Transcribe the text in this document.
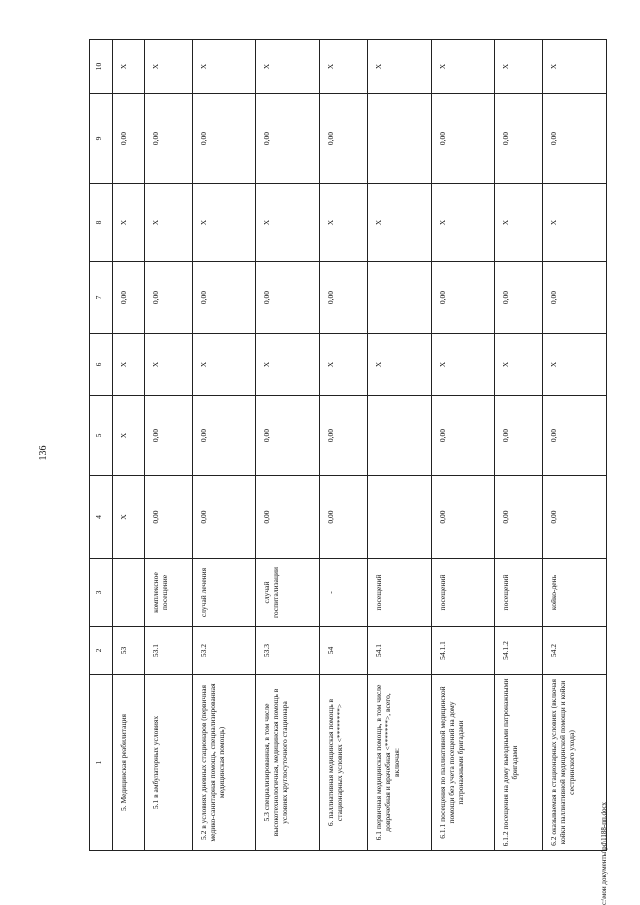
136
1	2	3	4	5	6	7	8	9	10
5. Медицинская реабилитация	53		X	X	X	0,00	X	0,00	X
5.1 в амбулаторных условиях	53.1	комплексное посещение	0,00	0,00	X	0,00	X	0,00	X
5.2 в условиях дневных стационаров (первичная медико-санитарная помощь, специализированная медицинская помощь)	53.2	случай лечения	0,00	0,00	X	0,00	X	0,00	X
5.3 специализированная, в том числе высокотехнологичная, медицинская помощь в условиях круглосуточного стационара	53.3	случай госпитализации	0,00	0,00	X	0,00	X	0,00	X
6. паллиативная медицинская помощь в стационарных условиях <********>	54	-	0,00	0,00	X	0,00	X	0,00	X
6.1 первичная медицинская помощь, в том числе доврачебная и врачебная <*******>, всего, включая:	54.1	посещений			X		X		X
6.1.1 посещения по паллиативной медицинской помощи без учета посещений на дому патронажными бригадами	54.1.1	посещений	0,00	0,00	X	0,00	X	0,00	X
6.1.2 посещения на дому выездными патронажными бригадами	54.1.2	посещений	0,00	0,00	X	0,00	X	0,00	X
6.2 оказываемая в стационарных условиях (включая койки паллиативной медицинской помощи и койки сестринского ухода)	54.2	койко-день	0,00	0,00	X	0,00	X	0,00	X
c:\мои документы\pd\1188-пп.docx
